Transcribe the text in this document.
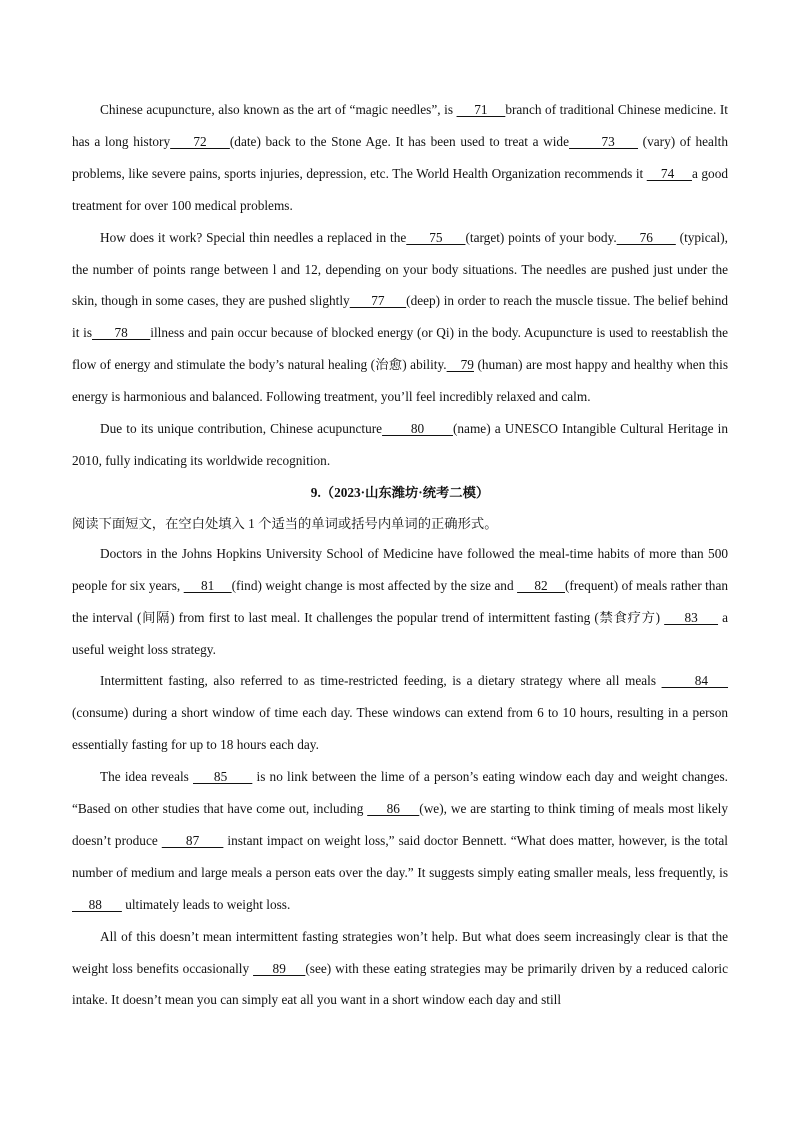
Chinese acupuncture, also known as the art of “magic needles”, is      71     branch of traditional Chinese medicine. It has a long history     72     (date) back to the Stone Age. It has been used to treat a wide       73      (vary) of health problems, like severe pains, sports injuries, depression, etc. The World Health Organization recommends it     74     a good treatment for over 100 medical problems.

How does it work? Special thin needles a replaced in the      75      (target) points of your body.      76       (typical), the number of points range between l and 12, depending on your body situations. The needles are pushed just under the skin, though in some cases, they are pushed slightly      77      (deep) in order to reach the muscle tissue. The belief behind it is      78      illness and pain occur because of blocked energy (or Qi) in the body. Acupuncture is used to reestablish the flow of energy and stimulate the body’s natural healing (治愈) ability.    79 (human) are most happy and healthy when this energy is harmonious and balanced. Following treatment, you’ll feel incredibly relaxed and calm.

Due to its unique contribution, Chinese acupuncture       80       (name) a UNESCO Intangible Cultural Heritage in 2010, fully indicating its worldwide recognition.

9.（2023·山东潍坊·统考二模）

阅读下面短文，在空白处填入 1 个适当的单词或括号内单词的正确形式。

Doctors in the Johns Hopkins University School of Medicine have followed the meal-time habits of more than 500 people for six years,      81     (find) weight change is most affected by the size and      82     (frequent) of meals rather than the interval (间隔) from first to last meal. It challenges the popular trend of intermittent fasting (禁食疗方)      83      a useful weight loss strategy.

Intermittent fasting, also referred to as time-restricted feeding, is a dietary strategy where all meals       84     (consume) during a short window of time each day. These windows can extend from 6 to 10 hours, resulting in a person essentially fasting for up to 18 hours each day.

The idea reveals      85       is no link between the lime of a person’s eating window each day and weight changes. “Based on other studies that have come out, including      86     (we), we are starting to think timing of meals most likely doesn’t produce       87       instant impact on weight loss,” said doctor Bennett. “What does matter, however, is the total number of medium and large meals a person eats over the day.” It suggests simply eating smaller meals, less frequently, is      88       ultimately leads to weight loss.

All of this doesn’t mean intermittent fasting strategies won’t help. But what does seem increasingly clear is that the weight loss benefits occasionally      89     (see) with these eating strategies may be primarily driven by a reduced caloric intake. It doesn’t mean you can simply eat all you want in a short window each day and still
